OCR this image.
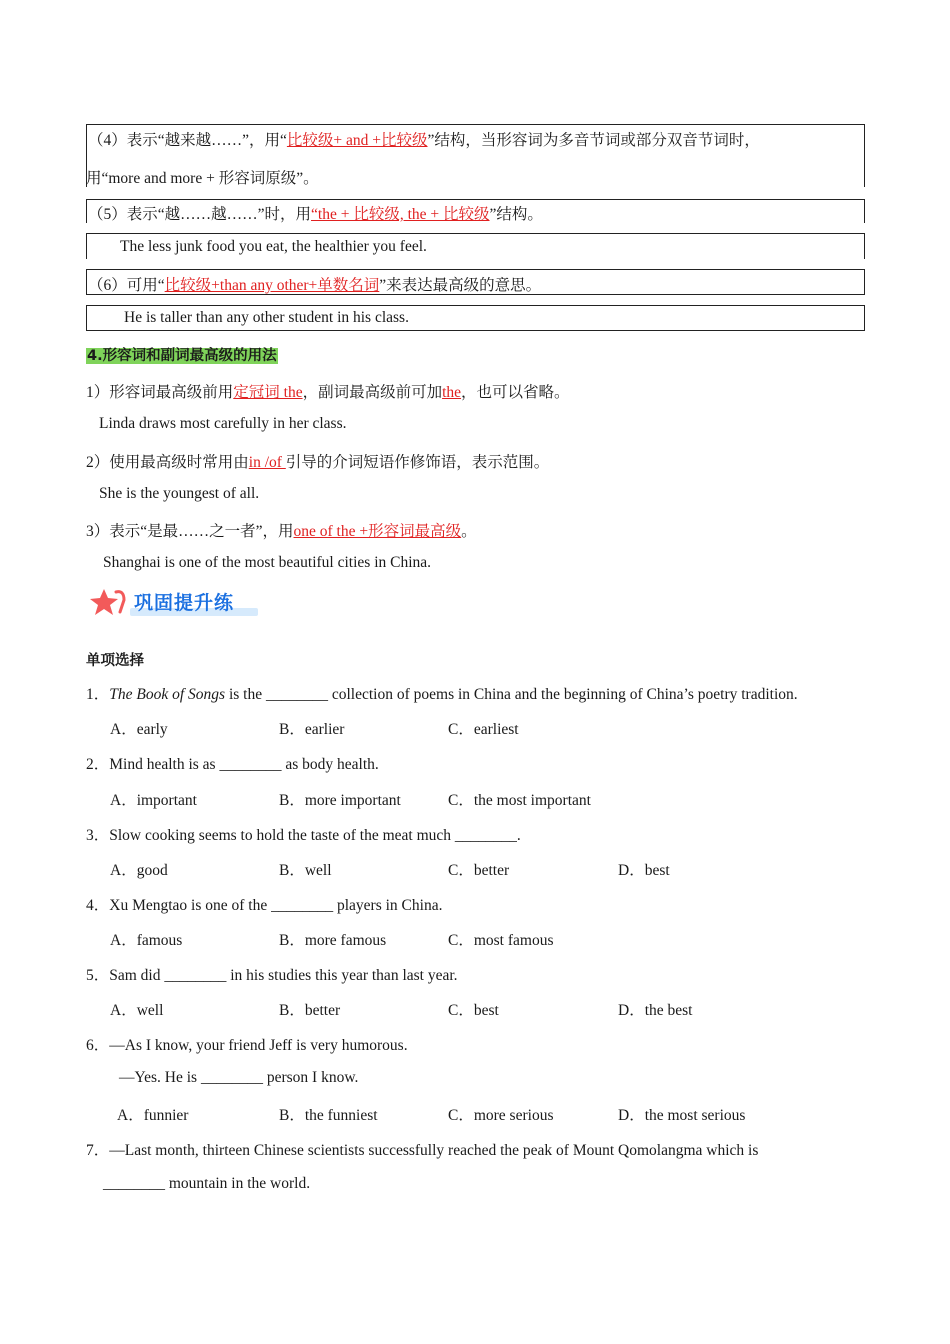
（4）表示“越来越……”，用“比较级+ and +比较级”结构，当形容词为多音节词或部分双音节词时，
用“more and more + 形容词原级”。
（5）表示“越……越……”时，用“the + 比较级, the + 比较级”结构。
The less junk food you eat, the healthier you feel.
（6）可用“比较级+than any other+单数名词”来表达最高级的意思。
He is taller than any other student in his class.
4.形容词和副词最高级的用法
1）形容词最高级前用定冠词 the，副词最高级前可加the，也可以省略。
Linda draws most carefully in her class.
2）使用最高级时常用由in /of 引导的介词短语作修饰语，表示范围。
She is the youngest of all.
3）表示“是最……之一者”，用one of the +形容词最高级。
Shanghai is one of the most beautiful cities in China.
巩固提升练
单项选择
1．The Book of Songs is the ________ collection of poems in China and the beginning of China’s poetry tradition.
A．early	B．earlier	C．earliest
2．Mind health is as ________ as body health.
A．important	B．more important	C．the most important
3．Slow cooking seems to hold the taste of the meat much ________.
A．good	B．well	C．better	D．best
4．Xu Mengtao is one of the ________ players in China.
A．famous	B．more famous	C．most famous
5．Sam did ________ in his studies this year than last year.
A．well	B．better	C．best	D．the best
6．—As I know, your friend Jeff is very humorous.
—Yes. He is ________ person I know.
A．funnier	B．the funniest	C．more serious	D．the most serious
7．—Last month, thirteen Chinese scientists successfully reached the peak of Mount Qomolangma which is
________ mountain in the world.
